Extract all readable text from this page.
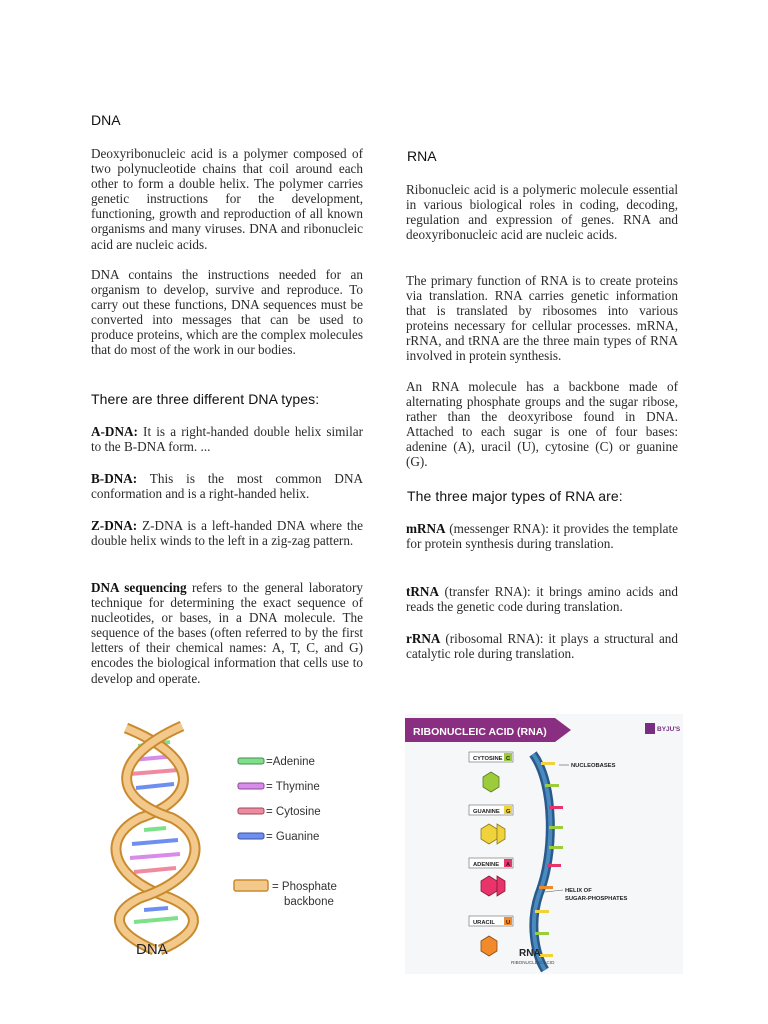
DNA
Deoxyribonucleic acid is a polymer composed of two polynucleotide chains that coil around each other to form a double helix. The polymer carries genetic instructions for the development, functioning, growth and reproduction of all known organisms and many viruses. DNA and ribonucleic acid are nucleic acids.
DNA contains the instructions needed for an organism to develop, survive and reproduce. To carry out these functions, DNA sequences must be converted into messages that can be used to produce proteins, which are the complex molecules that do most of the work in our bodies.
There are three different DNA types:
A-DNA: It is a right-handed double helix similar to the B-DNA form. ...
B-DNA: This is the most common DNA conformation and is a right-handed helix.
Z-DNA: Z-DNA is a left-handed DNA where the double helix winds to the left in a zig-zag pattern.
DNA sequencing refers to the general laboratory technique for determining the exact sequence of nucleotides, or bases, in a DNA molecule. The sequence of the bases (often referred to by the first letters of their chemical names: A, T, C, and G) encodes the biological information that cells use to develop and operate.
RNA
Ribonucleic acid is a polymeric molecule essential in various biological roles in coding, decoding, regulation and expression of genes. RNA and deoxyribonucleic acid are nucleic acids.
The primary function of RNA is to create proteins via translation. RNA carries genetic information that is translated by ribosomes into various proteins necessary for cellular processes. mRNA, rRNA, and tRNA are the three main types of RNA involved in protein synthesis.
An RNA molecule has a backbone made of alternating phosphate groups and the sugar ribose, rather than the deoxyribose found in DNA. Attached to each sugar is one of four bases: adenine (A), uracil (U), cytosine (C) or guanine (G).
The three major types of RNA are:
mRNA (messenger RNA): it provides the template for protein synthesis during translation.
tRNA (transfer RNA): it brings amino acids and reads the genetic code during translation.
rRNA (ribosomal RNA): it plays a structural and catalytic role during translation.
=Adenine
= Thymine
= Cytosine
= Guanine
= Phosphate
backbone
DNA
RIBONUCLEIC ACID (RNA)	BYJU'S
CYTOSINE C
GUANINE G
ADENINE A
URACIL U
NUCLEOBASES
HELIX OF
SUGAR-PHOSPHATES
RNA
RIBONUCLEIC ACID
